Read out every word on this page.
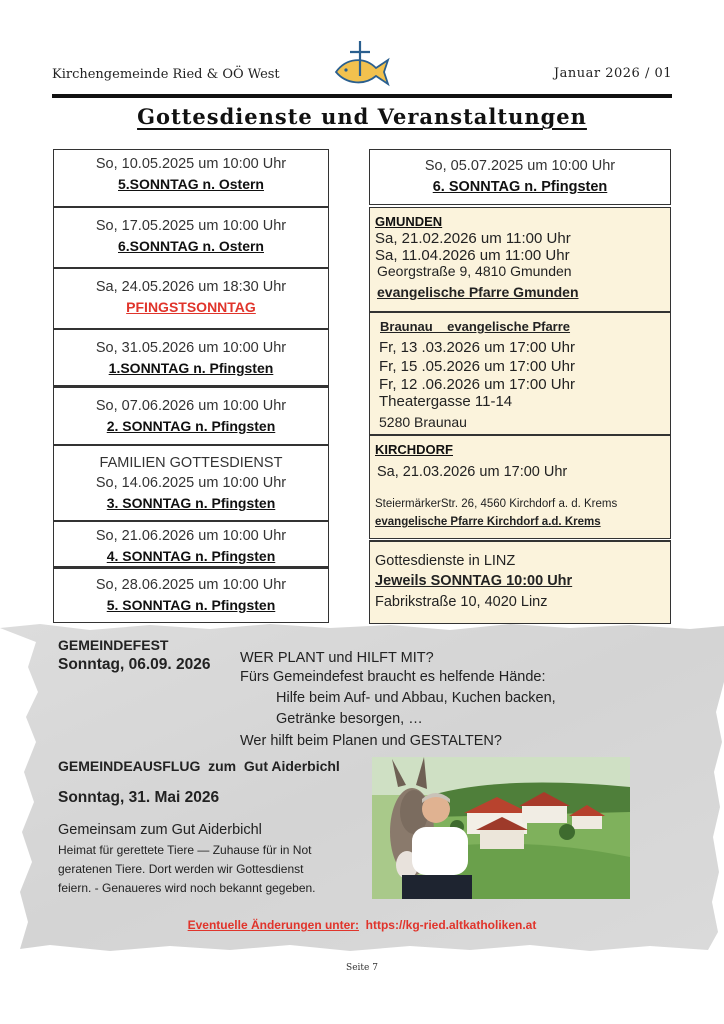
Kirchengemeinde Ried & OÖ West	Januar 2026 / 01
Gottesdienste und Veranstaltungen
So, 10.05.2025 um 10:00 Uhr
5.SONNTAG n. Ostern
So, 17.05.2025 um 10:00 Uhr
6.SONNTAG n. Ostern
Sa, 24.05.2026 um 18:30 Uhr
PFINGSTSONNTAG
So, 31.05.2026 um 10:00 Uhr
1.SONNTAG n. Pfingsten
So, 07.06.2026 um 10:00 Uhr
2. SONNTAG n. Pfingsten
FAMILIEN GOTTESDIENST
So, 14.06.2025 um 10:00 Uhr
3. SONNTAG n. Pfingsten
So, 21.06.2026 um 10:00 Uhr
4. SONNTAG n. Pfingsten
So, 28.06.2025 um 10:00 Uhr
5. SONNTAG n. Pfingsten
So, 05.07.2025 um 10:00 Uhr
6. SONNTAG n. Pfingsten
GMUNDEN
Sa, 21.02.2026 um 11:00 Uhr
Sa, 11.04.2026 um 11:00 Uhr
Georgstraße 9, 4810 Gmunden
evangelische Pfarre Gmunden
Braunau    evangelische Pfarre
Fr, 13 .03.2026 um 17:00 Uhr
Fr, 15 .05.2026 um 17:00 Uhr
Fr, 12 .06.2026 um 17:00 Uhr
Theatergasse 11-14
5280 Braunau
KIRCHDORF
Sa, 21.03.2026 um 17:00 Uhr
SteiermärkerStr. 26, 4560 Kirchdorf a. d. Krems
evangelische Pfarre Kirchdorf a.d. Krems
Gottesdienste in LINZ
Jeweils SONNTAG 10:00 Uhr
Fabrikstraße 10, 4020 Linz
GEMEINDEFEST
Sonntag, 06.09. 2026 WER PLANT und HILFT MIT?
Fürs Gemeindefest braucht es helfende Hände:
Hilfe beim Auf- und Abbau, Kuchen backen,
Getränke besorgen, …
Wer hilft beim Planen und GESTALTEN?
GEMEINDEAUSFLUG  zum  Gut Aiderbichl
Sonntag, 31. Mai 2026
Gemeinsam zum Gut Aiderbichl
Heimat für gerettete Tiere — Zuhause für in Not
geratenen Tiere. Dort werden wir Gottesdienst
feiern. - Genaueres wird noch bekannt gegeben.
Eventuelle Änderungen unter: https://kg-ried.altkatholiken.at
Seite 7
